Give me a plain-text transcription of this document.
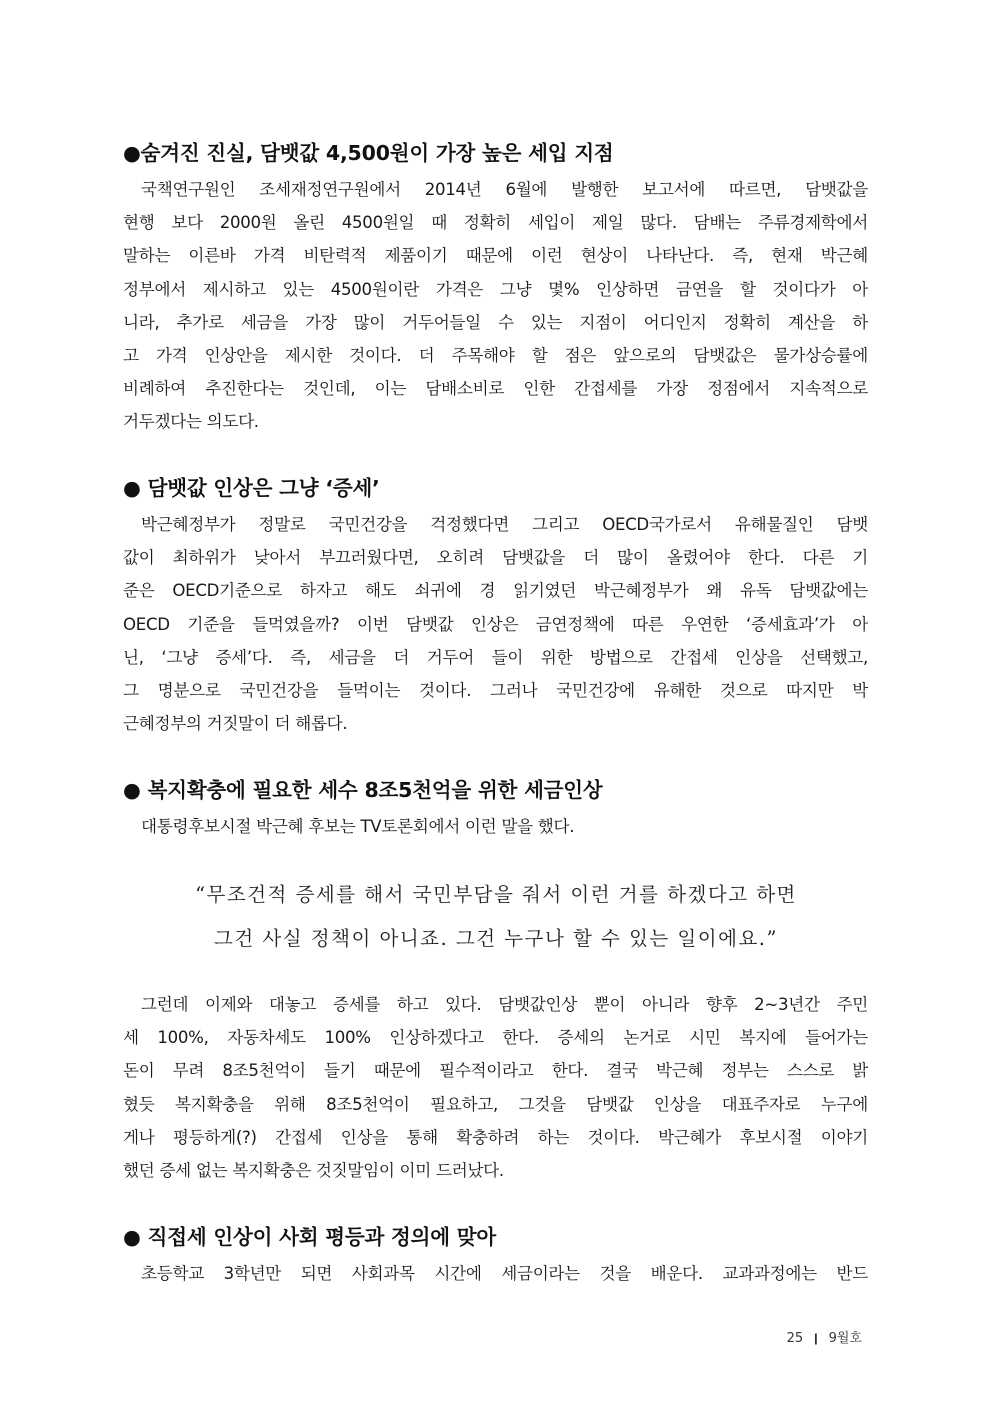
●숨겨진 진실, 담뱃값 4,500원이 가장 높은 세입 지점
국책연구원인 조세재정연구원에서 2014년 6월에 발행한 보고서에 따르면, 담뱃값을
현행 보다 2000원 올린 4500원일 때 정확히 세입이 제일 많다. 담배는 주류경제학에서
말하는 이른바 가격 비탄력적 제품이기 때문에 이런 현상이 나타난다. 즉, 현재 박근혜
정부에서 제시하고 있는 4500원이란 가격은 그냥 몇% 인상하면 금연을 할 것이다가 아
니라, 추가로 세금을 가장 많이 거두어들일 수 있는 지점이 어디인지 정확히 계산을 하
고 가격 인상안을 제시한 것이다. 더 주목해야 할 점은 앞으로의 담뱃값은 물가상승률에
비례하여 추진한다는 것인데, 이는 담배소비로 인한 간접세를 가장 정점에서 지속적으로
거두겠다는 의도다.
● 담뱃값 인상은 그냥 ‘증세’
박근혜정부가 정말로 국민건강을 걱정했다면 그리고 OECD국가로서 유해물질인 담뱃
값이 최하위가 낮아서 부끄러웠다면, 오히려 담뱃값을 더 많이 올렸어야 한다. 다른 기
준은 OECD기준으로 하자고 해도 쇠귀에 경 읽기였던 박근혜정부가 왜 유독 담뱃값에는
OECD 기준을 들먹였을까? 이번 담뱃값 인상은 금연정책에 따른 우연한 ‘증세효과’가 아
닌, ‘그냥 증세’다. 즉, 세금을 더 거두어 들이 위한 방법으로 간접세 인상을 선택했고,
그 명분으로 국민건강을 들먹이는 것이다. 그러나 국민건강에 유해한 것으로 따지만 박
근혜정부의 거짓말이 더 해롭다.
● 복지확충에 필요한 세수 8조5천억을 위한 세금인상
대통령후보시절 박근혜 후보는 TV토론회에서 이런 말을 했다.
“무조건적 증세를 해서 국민부담을 줘서 이런 거를 하겠다고 하면
그건 사실 정책이 아니죠. 그건 누구나 할 수 있는 일이에요.”
그런데 이제와 대놓고 증세를 하고 있다. 담뱃값인상 뿐이 아니라 향후 2~3년간 주민
세 100%, 자동차세도 100% 인상하겠다고 한다. 증세의 논거로 시민 복지에 들어가는
돈이 무려 8조5천억이 들기 때문에 필수적이라고 한다. 결국 박근혜 정부는 스스로 밝
혔듯 복지확충을 위해 8조5천억이 필요하고, 그것을 담뱃값 인상을 대표주자로 누구에
게나 평등하게(?) 간접세 인상을 통해 확충하려 하는 것이다. 박근혜가 후보시절 이야기
했던 증세 없는 복지확충은 것짓말임이 이미 드러났다.
● 직접세 인상이 사회 평등과 정의에 맞아
초등학교 3학년만 되면 사회과목 시간에 세금이라는 것을 배운다. 교과과정에는 반드
25 ❙ 9월호
